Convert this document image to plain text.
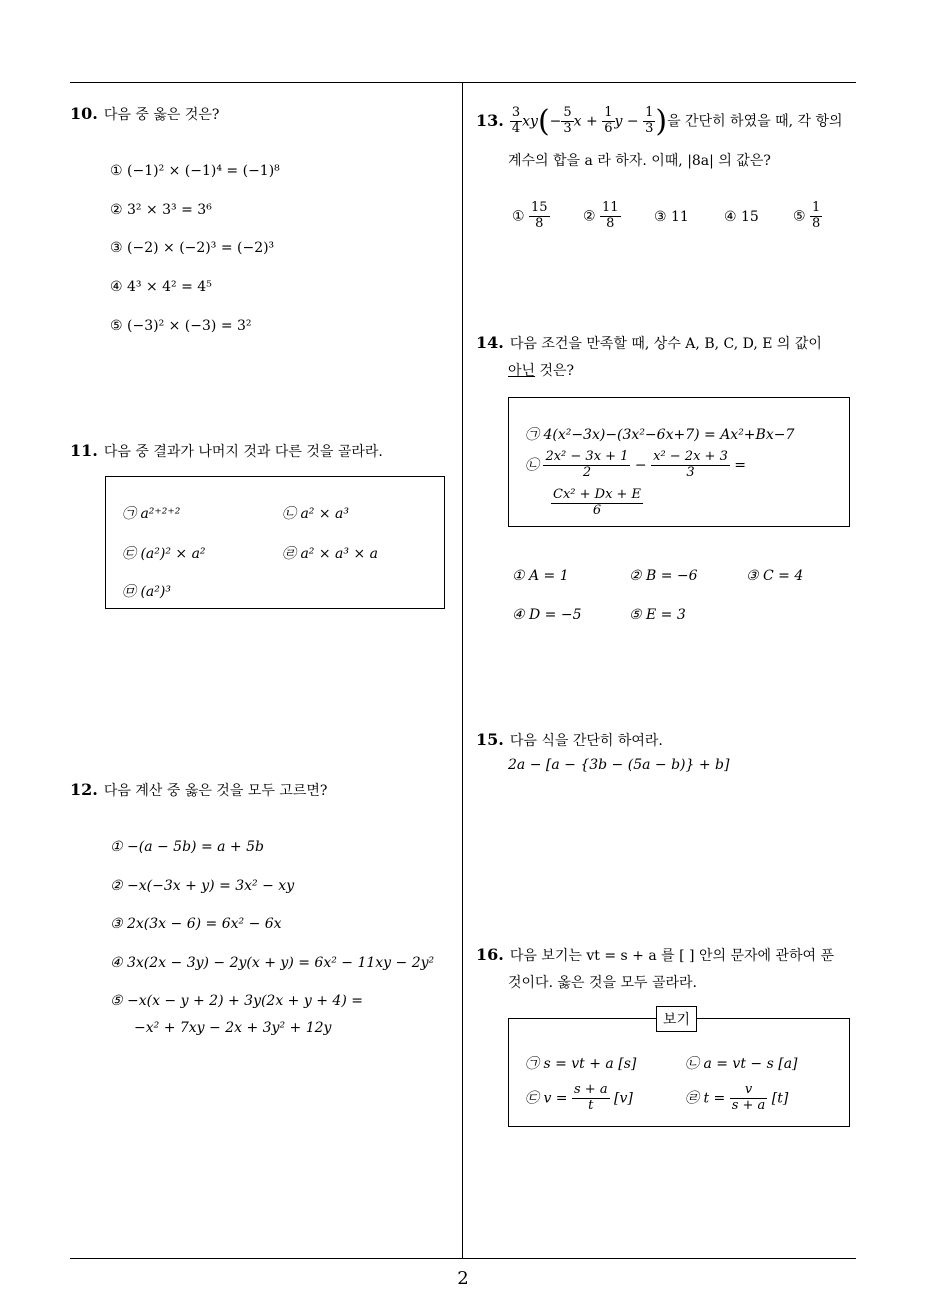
2
10. 다음 중 옳은 것은?
① (−1)² × (−1)⁴ = (−1)⁸
② 3² × 3³ = 3⁶
③ (−2) × (−2)³ = (−2)³
④ 4³ × 4² = 4⁵
⑤ (−3)² × (−3) = 3²
11. 다음 중 결과가 나머지 것과 다른 것을 골라라.
㉠ a²⁺²⁺²	㉡ a² × a³
㉢ (a²)² × a²	㉣ a² × a³ × a
㉤ (a²)³
12. 다음 계산 중 옳은 것을 모두 고르면?
① −(a − 5b) = a + 5b
② −x(−3x + y) = 3x² − xy
③ 2x(3x − 6) = 6x² − 6x
④ 3x(2x − 3y) − 2y(x + y) = 6x² − 11xy − 2y²
⑤ −x(x − y + 2) + 3y(2x + y + 4) =
−x² + 7xy − 2x + 3y² + 12y
13. $\frac{3}{4} xy(- \frac{5}{3}$ $x + \frac{1}{6}$ $y - \frac{1}{3}$ )을 간단히 하였을 때, 각 항의
계수의 합을 a 라 하자. 이때, |8a| 의 값은?
① $\frac{15}{8}$ ② $\frac{11}{8}$ ③ 11	④ 15 ⑤ $\frac{1}{8}$
14. 다음 조건을 만족할 때, 상수 A, B, C, D, E 의 값이
아닌 것은?
㉠ 4(x²−3x)−(3x²−6x+7) = Ax²+Bx−7
㉡ $\frac{\text{2x² − 3x + 1}}{2} - \frac{\text{x² − 2x + 3}}{3}$ =
$\frac{\text{Cx² + Dx + E}}{6}$
① A = 1	② B = −6	③ C = 4
④ D = −5	⑤ E = 3
15. 다음 식을 간단히 하여라.
2a − [a − {3b − (5a − b)} + b]
16. 다음 보기는 vt = s + a 를 [ ] 안의 문자에 관하여 푼
것이다. 옳은 것을 모두 골라라.
㉠ s = vt + a [s]	㉡ a = vt − s [a]
㉢ $v = \frac{s + a}{t} [v]$	㉣ $t = \frac{v}{s + a} [t]$
보기
